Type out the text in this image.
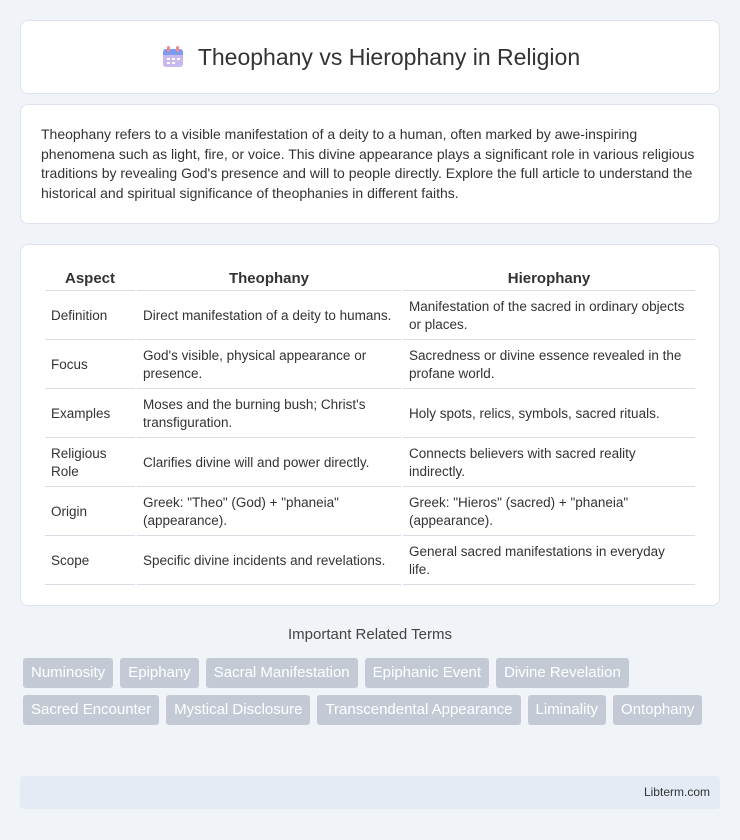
Theophany vs Hierophany in Religion

Theophany refers to a visible manifestation of a deity to a human, often marked by awe-inspiring phenomena such as light, fire, or voice. This divine appearance plays a significant role in various religious traditions by revealing God's presence and will to people directly. Explore the full article to understand the historical and spiritual significance of theophanies in different faiths.

Aspect	Theophany	Hierophany
Definition	Direct manifestation of a deity to humans.	Manifestation of the sacred in ordinary objects or places.
Focus	God's visible, physical appearance or presence.	Sacredness or divine essence revealed in the profane world.
Examples	Moses and the burning bush; Christ's transfiguration.	Holy spots, relics, symbols, sacred rituals.
Religious Role	Clarifies divine will and power directly.	Connects believers with sacred reality indirectly.
Origin	Greek: "Theo" (God) + "phaneia" (appearance).	Greek: "Hieros" (sacred) + "phaneia" (appearance).
Scope	Specific divine incidents and revelations.	General sacred manifestations in everyday life.
Important Related Terms
Numinosity	Epiphany	Sacral Manifestation	Epiphanic Event	Divine Revelation
Sacred Encounter	Mystical Disclosure	Transcendental Appearance	Liminality	Ontophany
Libterm.com
